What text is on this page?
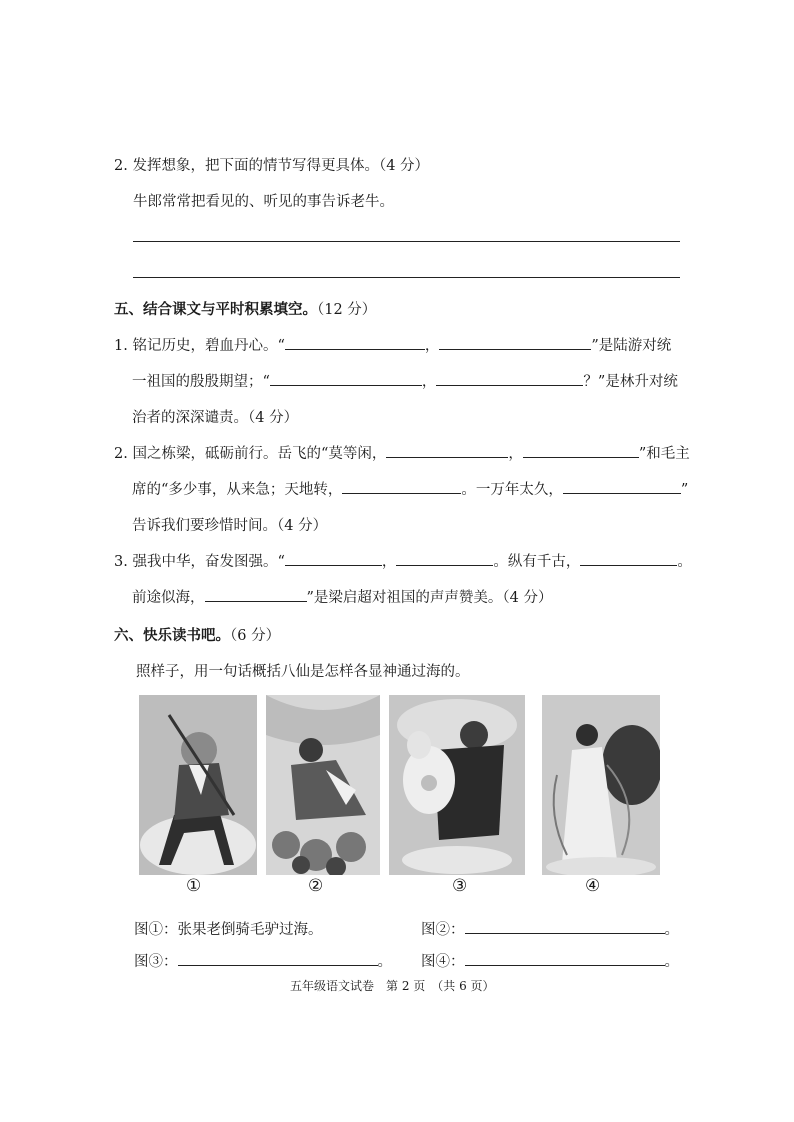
2. 发挥想象，把下面的情节写得更具体。（4 分）
牛郎常常把看见的、听见的事告诉老牛。
五、结合课文与平时积累填空。（12 分）
1. 铭记历史，碧血丹心。“	，	”是陆游对统
一祖国的殷殷期望；“	，	？”是林升对统
治者的深深谴责。（4 分）
2. 国之栋梁，砥砺前行。岳飞的“莫等闲，	，	”和毛主
席的“多少事，从来急；天地转，	。一万年太久，	”
告诉我们要珍惜时间。（4 分）
3. 强我中华，奋发图强。“	，	。纵有千古，	。
前途似海，	”是梁启超对祖国的声声赞美。（4 分）
六、快乐读书吧。（6 分）
照样子，用一句话概括八仙是怎样各显神通过海的。
①	②	③	④
图①：张果老倒骑毛驴过海。	图②：	。
图③：	。 图④：	。
五年级语文试卷　第 2 页　（共 6 页）
